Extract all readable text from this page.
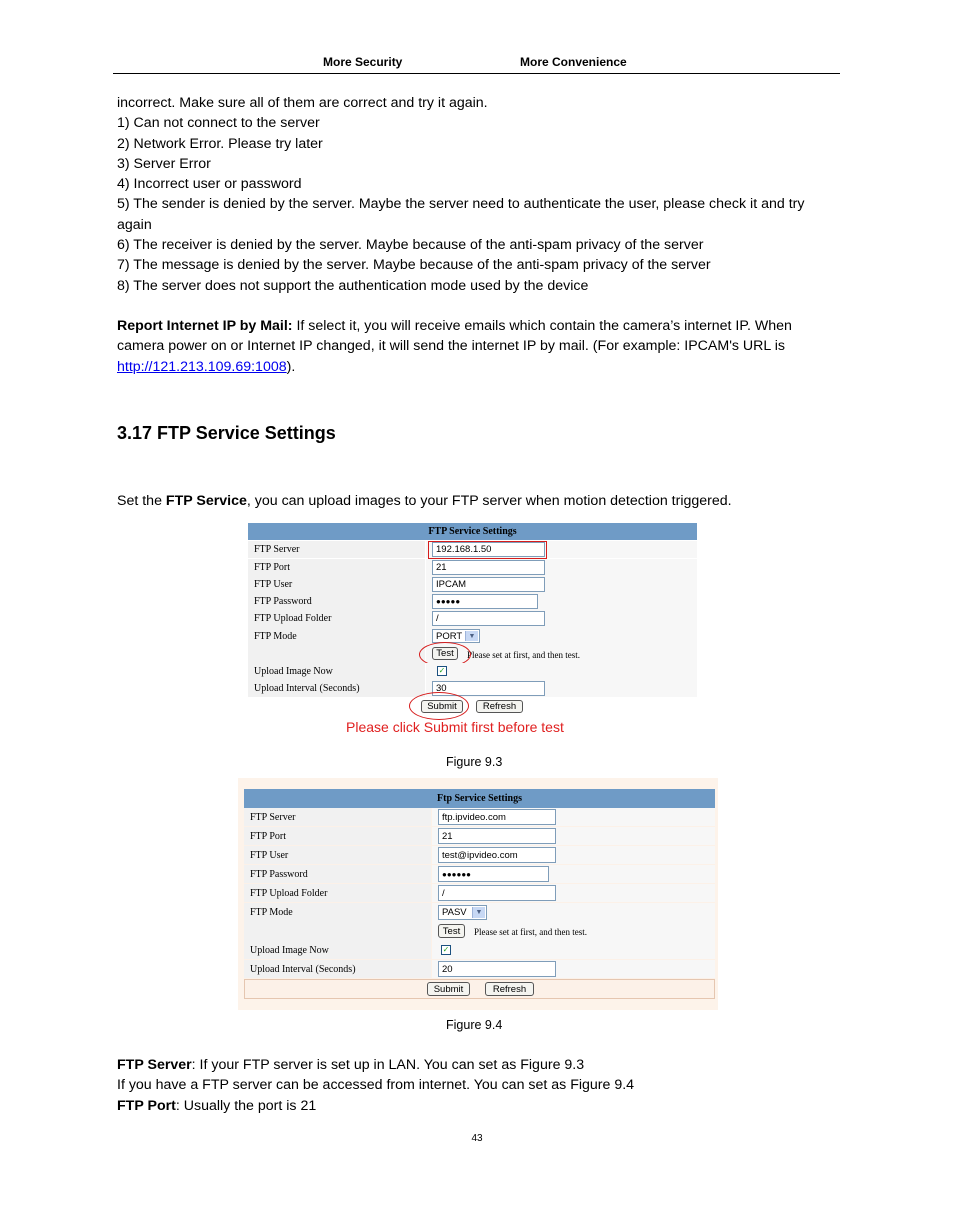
More Security	More Convenience

incorrect. Make sure all of them are correct and try it again.

1) Can not connect to the server

2) Network Error. Please try later

3) Server Error

4) Incorrect user or password

5) The sender is denied by the server. Maybe the server need to authenticate the user, please check it and try

again

6) The receiver is denied by the server. Maybe because of the anti-spam privacy of the server

7) The message is denied by the server. Maybe because of the anti-spam privacy of the server

8) The server does not support the authentication mode used by the device

Report Internet IP by Mail: If select it, you will receive emails which contain the camera’s internet IP. When

camera power on or Internet IP changed, it will send the internet IP by mail. (For example: IPCAM's URL is

http://121.213.109.69:1008).

3.17 FTP Service Settings

Set the FTP Service, you can upload images to your FTP server when motion detection triggered.

FTP Service Settings
FTP Server	192.168.1.50
FTP Port	21
FTP User	IPCAM
FTP Password	●●●●●
FTP Upload Folder	/
FTP Mode	PORT ▼
Test	Please set at first, and then test.
Upload Image Now	✓
Upload Interval (Seconds)	30
Submit	Refresh
Please click Submit first before test
Figure 9.3
Ftp Service Settings
FTP Server	ftp.ipvideo.com
FTP Port	21
FTP User	test@ipvideo.com
FTP Password	●●●●●●
FTP Upload Folder	/
FTP Mode	PASV	▼
Test	Please set at first, and then test.
Upload Image Now	✓
Upload Interval (Seconds)	20
Submit	Refresh
Figure 9.4

FTP Server: If your FTP server is set up in LAN. You can set as Figure 9.3

If you have a FTP server can be accessed from internet. You can set as Figure 9.4

FTP Port: Usually the port is 21

43
